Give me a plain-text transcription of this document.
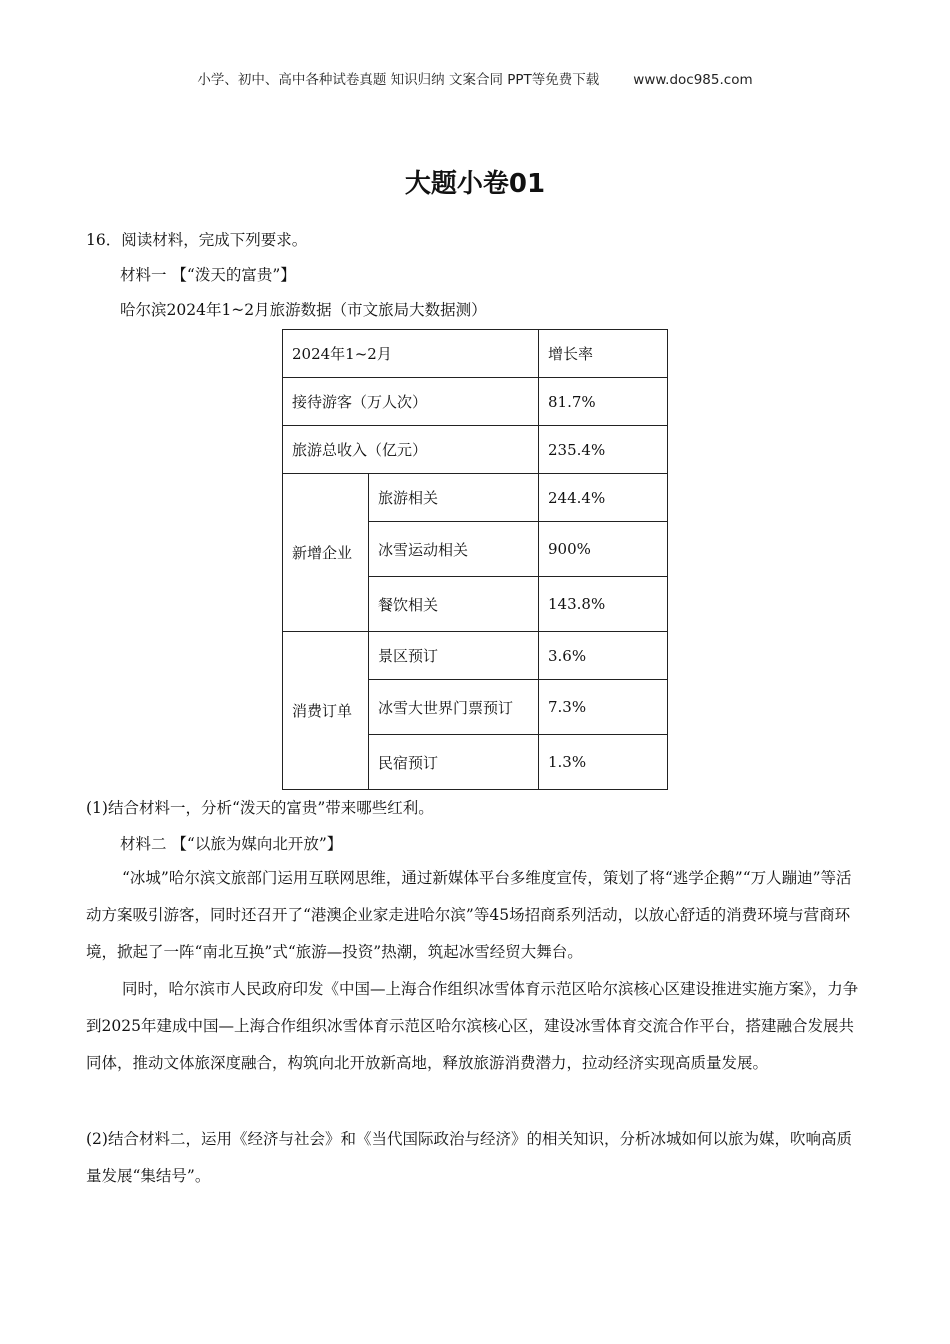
小学、初中、高中各种试卷真题 知识归纳 文案合同 PPT等免费下载	www.doc985.com
大题小卷01
16．阅读材料，完成下列要求。
材料一 【“泼天的富贵”】
哈尔滨2024年1~2月旅游数据（市文旅局大数据测）
2024年1~2月		增长率
接待游客（万人次）		81.7%
旅游总收入（亿元）		235.4%
新增企业	旅游相关	244.4%
	冰雪运动相关	900%
	餐饮相关	143.8%
消费订单	景区预订	3.6%
	冰雪大世界门票预订	7.3%
	民宿预订	1.3%
(1)结合材料一，分析“泼天的富贵”带来哪些红利。
材料二 【“以旅为媒向北开放”】
“冰城”哈尔滨文旅部门运用互联网思维，通过新媒体平台多维度宣传，策划了将“逃学企鹅”“万人蹦迪”等活动方案吸引游客，同时还召开了“港澳企业家走进哈尔滨”等45场招商系列活动，以放心舒适的消费环境与营商环境，掀起了一阵“南北互换”式“旅游—投资”热潮，筑起冰雪经贸大舞台。
同时，哈尔滨市人民政府印发《中国—上海合作组织冰雪体育示范区哈尔滨核心区建设推进实施方案》，力争到2025年建成中国—上海合作组织冰雪体育示范区哈尔滨核心区，建设冰雪体育交流合作平台，搭建融合发展共同体，推动文体旅深度融合，构筑向北开放新高地，释放旅游消费潜力，拉动经济实现高质量发展。
(2)结合材料二，运用《经济与社会》和《当代国际政治与经济》的相关知识，分析冰城如何以旅为媒，吹响高质量发展“集结号”。
